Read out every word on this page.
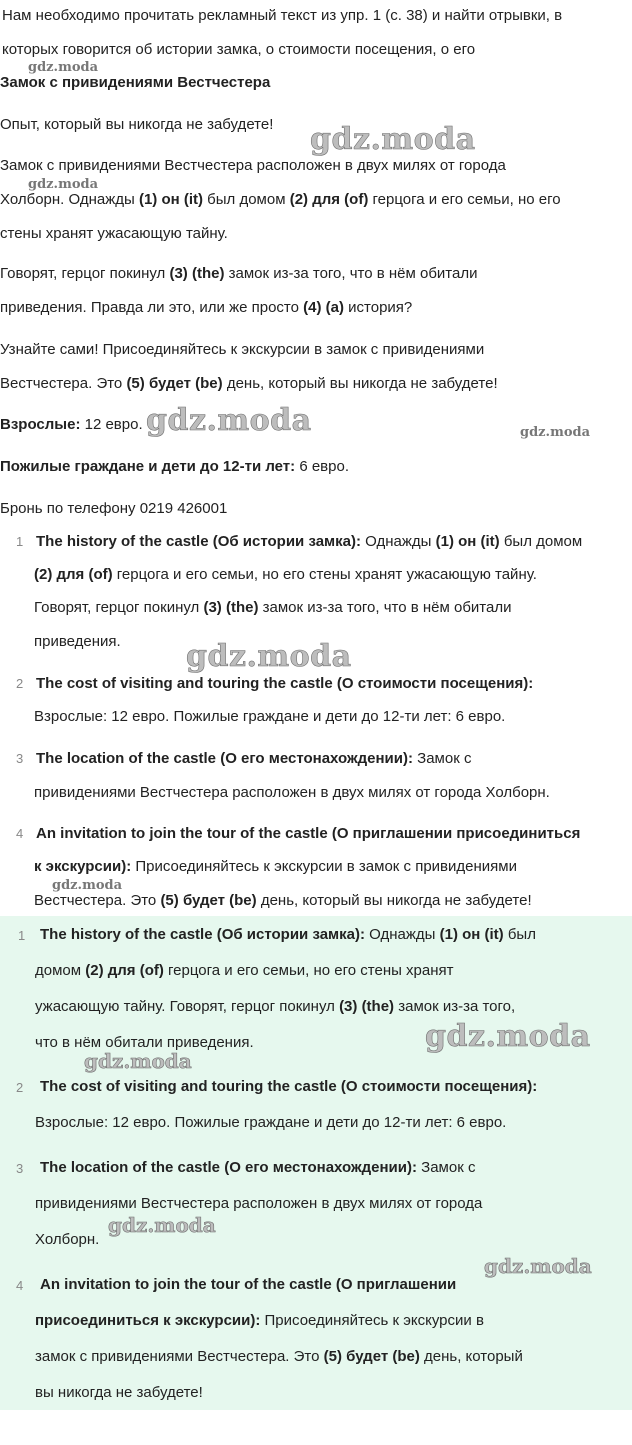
Нам необходимо прочитать рекламный текст из упр. 1 (с. 38) и найти отрывки, в
которых говорится об истории замка, о стоимости посещения, о его
Замок с привидениями Вестчестера
Опыт, который вы никогда не забудете!
Замок с привидениями Вестчестера расположен в двух милях от города
Холборн. Однажды (1) он (it) был домом (2) для (of) герцога и его семьи, но его
стены хранят ужасающую тайну.
Говорят, герцог покинул (3) (the) замок из-за того, что в нём обитали
приведения. Правда ли это, или же просто (4) (a) история?
Узнайте сами! Присоединяйтесь к экскурсии в замок с привидениями
Вестчестера. Это (5) будет (be) день, который вы никогда не забудете!
Взрослые: 12 евро.
Пожилые граждане и дети до 12-ти лет: 6 евро.
Бронь по телефону 0219 426001
1 The history of the castle (Об истории замка): Однажды (1) он (it) был домом
(2) для (of) герцога и его семьи, но его стены хранят ужасающую тайну.
Говорят, герцог покинул (3) (the) замок из-за того, что в нём обитали
приведения.
2 The cost of visiting and touring the castle (О стоимости посещения):
Взрослые: 12 евро. Пожилые граждане и дети до 12-ти лет: 6 евро.
3 The location of the castle (О его местонахождении): Замок с
привидениями Вестчестера расположен в двух милях от города Холборн.
4 An invitation to join the tour of the castle (О приглашении присоединиться
к экскурсии): Присоединяйтесь к экскурсии в замок с привидениями
Вестчестера. Это (5) будет (be) день, который вы никогда не забудете!
1 The history of the castle (Об истории замка): Однажды (1) он (it) был
домом (2) для (of) герцога и его семьи, но его стены хранят
ужасающую тайну. Говорят, герцог покинул (3) (the) замок из-за того,
что в нём обитали приведения.
2 The cost of visiting and touring the castle (О стоимости посещения):
Взрослые: 12 евро. Пожилые граждане и дети до 12-ти лет: 6 евро.
3 The location of the castle (О его местонахождении): Замок с
привидениями Вестчестера расположен в двух милях от города
Холборн.
4 An invitation to join the tour of the castle (О приглашении
присоединиться к экскурсии): Присоединяйтесь к экскурсии в
замок с привидениями Вестчестера. Это (5) будет (be) день, который
вы никогда не забудете!
gdz.moda
gdz.moda
gdz.moda
gdz.moda	gdz.moda
gdz.moda
gdz.moda
gdz.moda
gdz.moda
gdz.moda
gdz.moda
